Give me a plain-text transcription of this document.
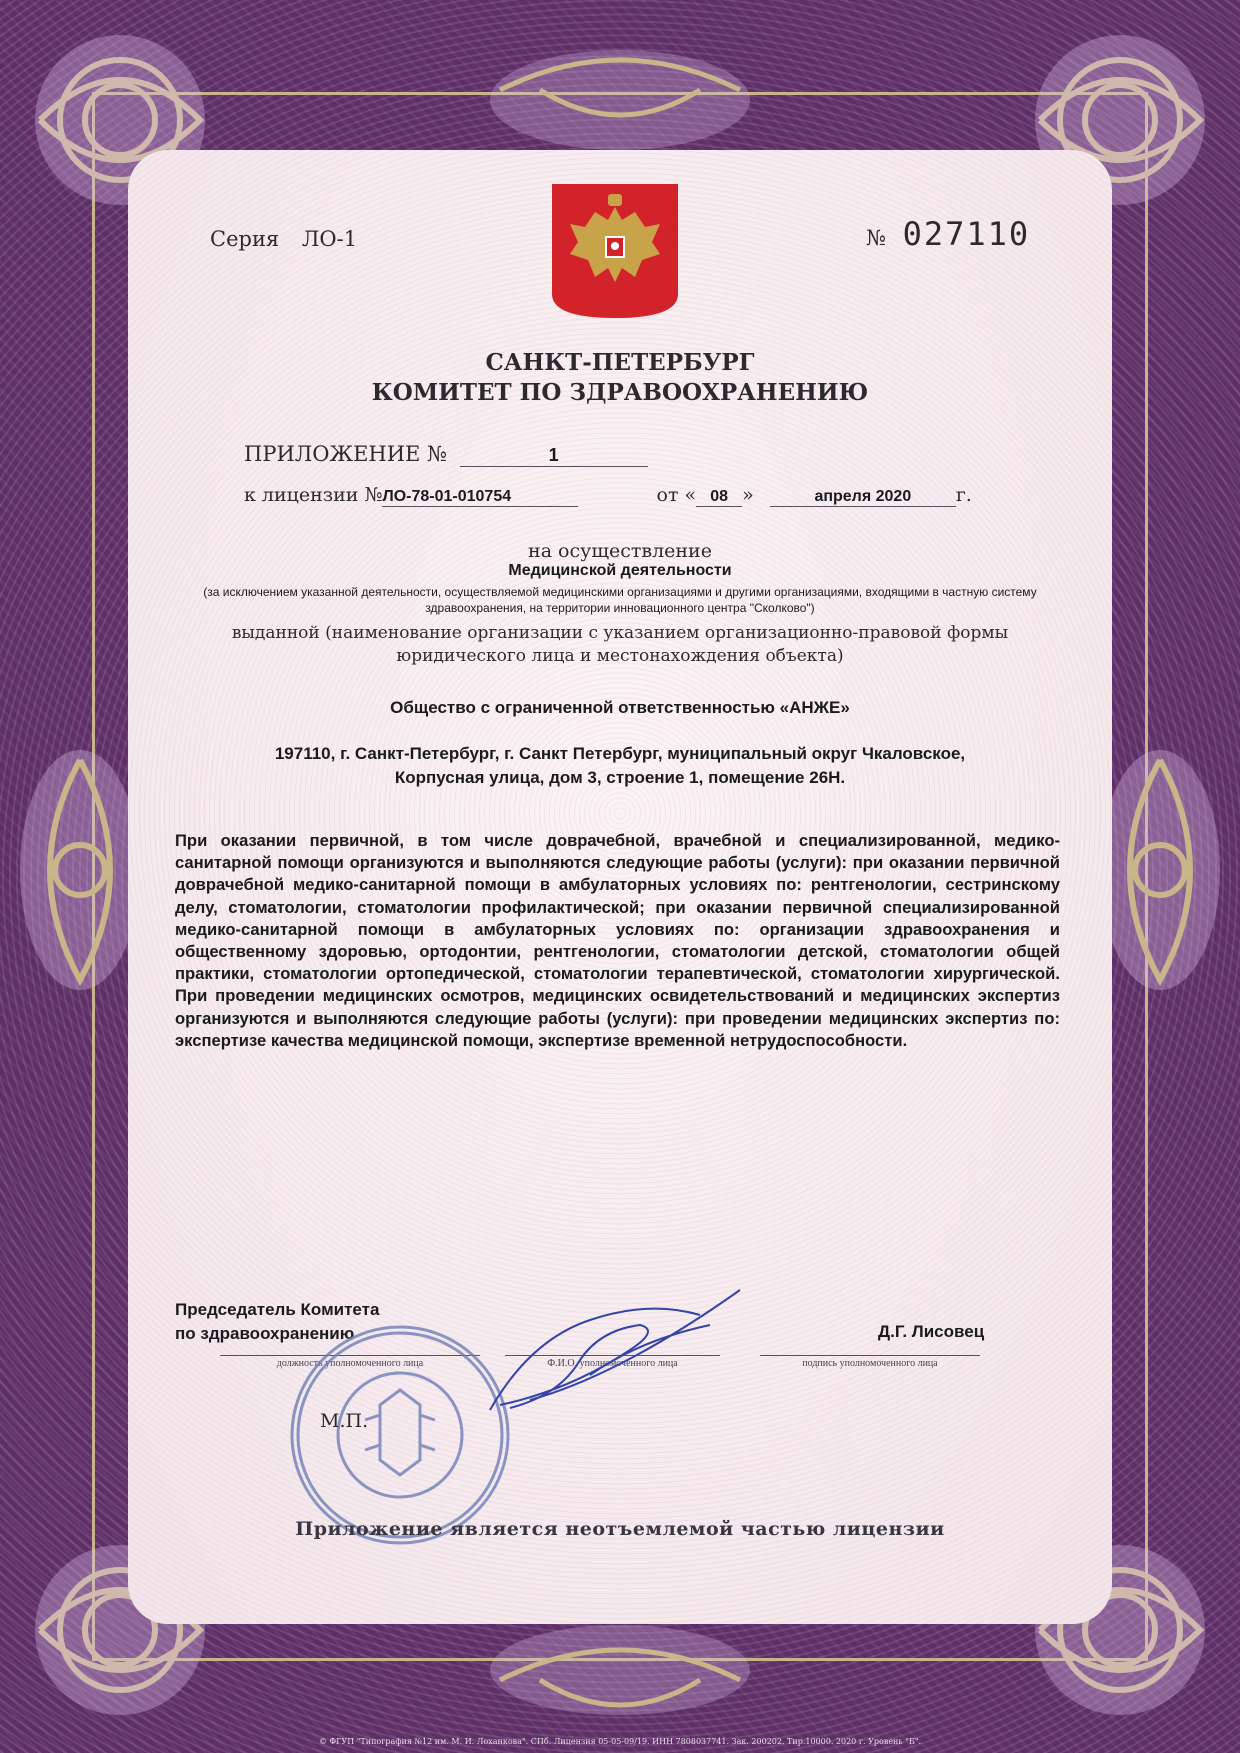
Серия ЛО-1	№ 027110
САНКТ-ПЕТЕРБУРГ
КОМИТЕТ ПО ЗДРАВООХРАНЕНИЮ
ПРИЛОЖЕНИЕ №	1
к лицензии №ЛО-78-01-010754	от « 08 »	апреля 2020 г.
на осуществление
Медицинской деятельности
(за исключением указанной деятельности, осуществляемой медицинскими организациями и другими организациями, входящими в частную систему здравоохранения, на территории инновационного центра "Сколково")
выданной (наименование организации с указанием организационно-правовой формы юридического лица и местонахождения объекта)
Общество с ограниченной ответственностью «АНЖЕ»
197110, г. Санкт-Петербург, г. Санкт Петербург, муниципальный округ Чкаловское,
Корпусная улица, дом 3, строение 1, помещение 26Н.
При оказании первичной, в том числе доврачебной, врачебной и специализированной, медико-санитарной помощи организуются и выполняются следующие работы (услуги): при оказании первичной доврачебной медико-санитарной помощи в амбулаторных условиях по: рентгенологии, сестринскому делу, стоматологии, стоматологии профилактической; при оказании первичной специализированной медико-санитарной помощи в амбулаторных условиях по: организации здравоохранения и общественному здоровью, ортодонтии, рентгенологии, стоматологии детской, стоматологии общей практики, стоматологии ортопедической, стоматологии терапевтической, стоматологии хирургической. При проведении медицинских осмотров, медицинских освидетельствований и медицинских экспертиз организуются и выполняются следующие работы (услуги): при проведении медицинских экспертиз по: экспертизе качества медицинской помощи, экспертизе временной нетрудоспособности.
Председатель Комитета
по здравоохранению	Д.Г. Лисовец
должность уполномоченного лица	Ф.И.О. уполномоченного лица	подпись уполномоченного лица
М.П.
Приложение является неотъемлемой частью лицензии
© ФГУП "Типография №12 им. М. И. Лоханкова". СПб. Лицензия 05-05-09/19. ИНН 7808037741. Зак. 200202. Тир.10000. 2020 г. Уровень "Б".
